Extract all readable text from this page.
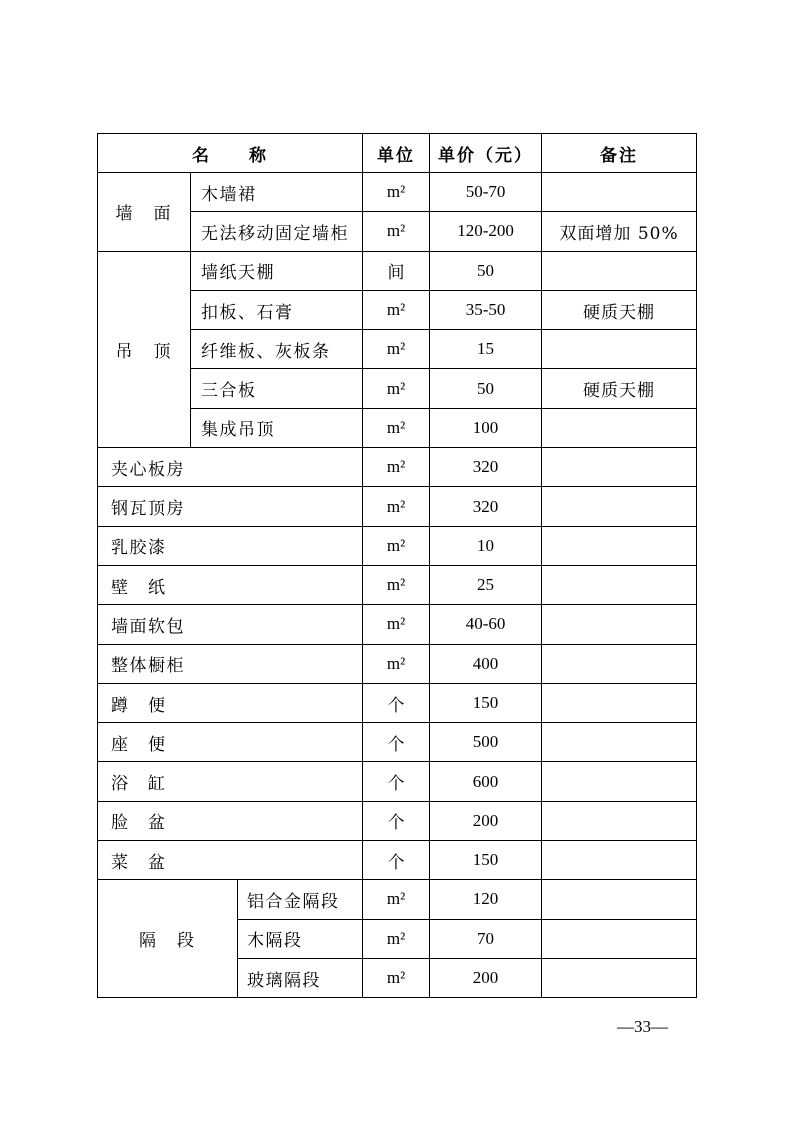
名　　称			单位	单价（元）	备注
墙　面	木墙裙		m²	50-70	
	无法移动固定墙柜		m²	120-200	双面增加 50%
吊　顶	墙纸天棚		间	50	
	扣板、石膏		m²	35-50	硬质天棚
	纤维板、灰板条		m²	15	
	三合板		m²	50	硬质天棚
	集成吊顶		m²	100	
夹心板房			m²	320	
钢瓦顶房			m²	320	
乳胶漆			m²	10	
壁　纸			m²	25	
墙面软包			m²	40-60	
整体橱柜			m²	400	
蹲　便			个	150	
座　便			个	500	
浴　缸			个	600	
脸　盆			个	200	
菜　盆			个	150	
隔　段		铝合金隔段	m²	120	
		木隔段	m²	70	
		玻璃隔段	m²	200	
—33—
